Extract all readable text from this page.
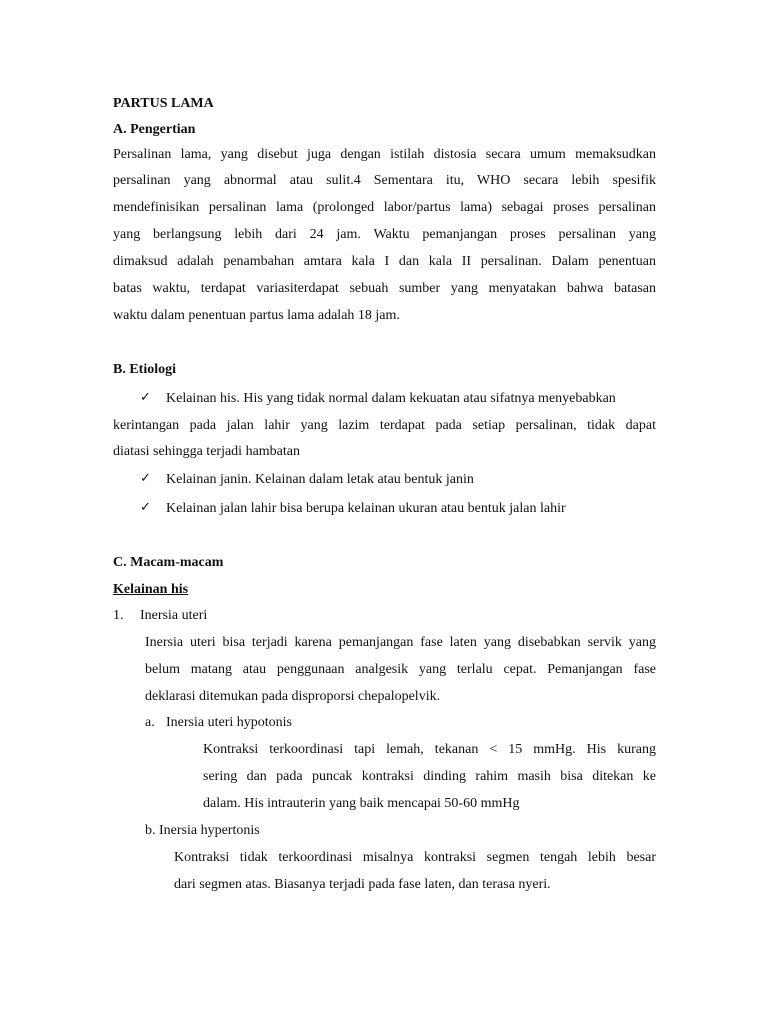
PARTUS LAMA
A. Pengertian
Persalinan lama, yang disebut juga dengan istilah distosia secara umum memaksudkan
persalinan yang abnormal atau sulit.4 Sementara itu, WHO secara lebih spesifik
mendefinisikan persalinan lama (prolonged labor/partus lama) sebagai proses persalinan
yang berlangsung lebih dari 24 jam. Waktu pemanjangan proses persalinan yang
dimaksud adalah penambahan amtara kala I dan kala II persalinan. Dalam penentuan
batas waktu, terdapat variasiterdapat sebuah sumber yang menyatakan bahwa batasan
waktu dalam penentuan partus lama adalah 18 jam.
B. Etiologi
✓ Kelainan his. His yang tidak normal dalam kekuatan atau sifatnya menyebabkan
kerintangan pada jalan lahir yang lazim terdapat pada setiap persalinan, tidak dapat
diatasi sehingga terjadi hambatan
✓ Kelainan janin. Kelainan dalam letak atau bentuk janin
✓ Kelainan jalan lahir bisa berupa kelainan ukuran atau bentuk jalan lahir
C. Macam-macam
Kelainan his
1. Inersia uteri
Inersia uteri bisa terjadi karena pemanjangan fase laten yang disebabkan servik yang
belum matang atau penggunaan analgesik yang terlalu cepat. Pemanjangan fase
deklarasi ditemukan pada disproporsi chepalopelvik.
a. Inersia uteri hypotonis
Kontraksi terkoordinasi tapi lemah, tekanan < 15 mmHg. His kurang
sering dan pada puncak kontraksi dinding rahim masih bisa ditekan ke
dalam. His intrauterin yang baik mencapai 50-60 mmHg
b. Inersia hypertonis
Kontraksi tidak terkoordinasi misalnya kontraksi segmen tengah lebih besar
dari segmen atas. Biasanya terjadi pada fase laten, dan terasa nyeri.
